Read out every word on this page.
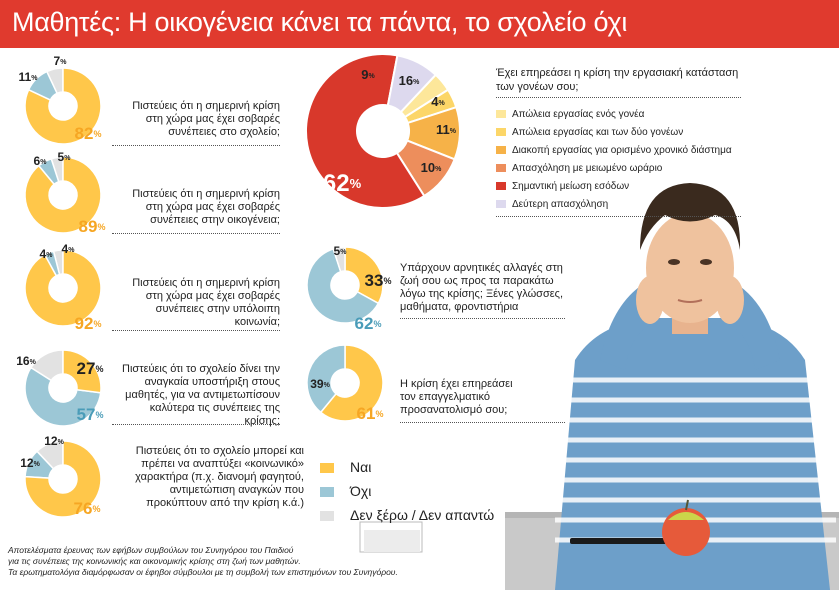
Μαθητές: Η οικογένεια κάνει τα πάντα, το σχολείο όχι
82%
11%
7%
89%
6% 5%
92%
4% 4%
27%
57%
16%
76%
12%
12%
33%
62%
5%
61%
39%
16%
4%
11%
10%
62%
9%	Έχει επηρεάσει η κρίση την εργασιακή κατάσταση των γονέων σου;
Απώλεια εργασίας ενός γονέα
Απώλεια εργασίας και των δύο γονέων
Διακοπή εργασίας για ορισμένο χρονικό διάστημα
Απασχόληση με μειωμένο ωράριο
Σημαντική μείωση εσόδων
Δεύτερη απασχόληση
Πιστεύεις ότι η σημερινή κρίση στη χώρα μας έχει σοβαρές συνέπειες στο σχολείο;
Πιστεύεις ότι η σημερινή κρίση στη χώρα μας έχει σοβαρές συνέπειες στην οικογένεια;
Πιστεύεις ότι η σημερινή κρίση στη χώρα μας έχει σοβαρές συνέπειες στην υπόλοιπη κοινωνία;
Πιστεύεις ότι το σχολείο δίνει την αναγκαία υποστήριξη στους μαθητές, για να αντιμετωπίσουν καλύτερα τις συνέπειες της κρίσης;
Πιστεύεις ότι το σχολείο μπορεί και πρέπει να αναπτύξει «κοινωνικό» χαρακτήρα (π.χ. διανομή φαγητού, αντιμετώπιση αναγκών που προκύπτουν από την κρίση κ.ά.)
Υπάρχουν αρνητικές αλλαγές στη ζωή σου ως προς τα παρακάτω λόγω της κρίσης; Ξένες γλώσσες, μαθήματα, φροντιστήρια
Η κρίση έχει επηρεάσει τον επαγγελματικό προσανατολισμό σου;
Ναι
Όχι
Δεν ξέρω / Δεν απαντώ
Αποτελέσματα έρευνας των εφήβων συμβούλων του Συνηγόρου του Παιδιού
για τις συνέπειες της κοινωνικής και οικονομικής κρίσης στη ζωή των μαθητών.
Τα ερωτηματολόγια διαμόρφωσαν οι έφηβοι σύμβουλοι με τη συμβολή των επιστημόνων του Συνηγόρου.
